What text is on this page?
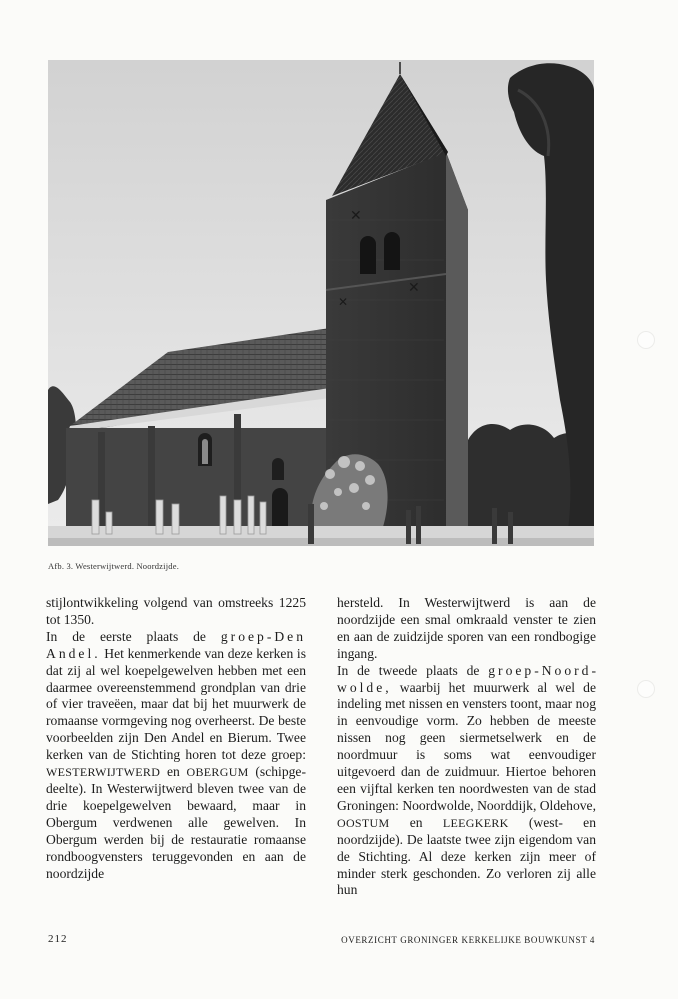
✕
✕
✕
Afb. 3. Westerwijtwerd. Noordzijde.

stijlontwikkeling volgend van omstreeks 1225 tot 1350.

In de eerste plaats de groep-Den Andel. Het kenmerkende van deze kerken is dat zij al wel koepelgewelven hebben met een daarmee overeenstemmend grondplan van drie of vier traveëen, maar dat bij het muurwerk de romaanse vormgeving nog overheerst. De beste voorbeelden zijn Den Andel en Bierum. Twee kerken van de Stichting horen tot deze groep: WESTERWIJTWERD en OBERGUM (schipgedeelte). In Westerwijtwerd bleven twee van de drie koepelgewelven bewaard, maar in Obergum verdwenen alle gewelven. In Obergum werden bij de restauratie romaanse rondboogvensters teruggevonden en aan de noordzijde

hersteld. In Westerwijtwerd is aan de noordzijde een smal omkraald venster te zien en aan de zuidzijde sporen van een rondbogige ingang.

In de tweede plaats de groep-Noordwolde, waarbij het muurwerk al wel de indeling met nissen en vensters toont, maar nog in eenvoudige vorm. Zo hebben de meeste nissen nog geen siermetselwerk en de noordmuur is soms wat eenvoudiger uitgevoerd dan de zuidmuur. Hiertoe behoren een vijftal kerken ten noordwesten van de stad Groningen: Noordwolde, Noorddijk, Oldehove, OOSTUM en LEEGKERK (west- en noordzijde). De laatste twee zijn eigendom van de Stichting. Al deze kerken zijn meer of minder sterk geschonden. Zo verloren zij alle hun

212	OVERZICHT GRONINGER KERKELIJKE BOUWKUNST 4
